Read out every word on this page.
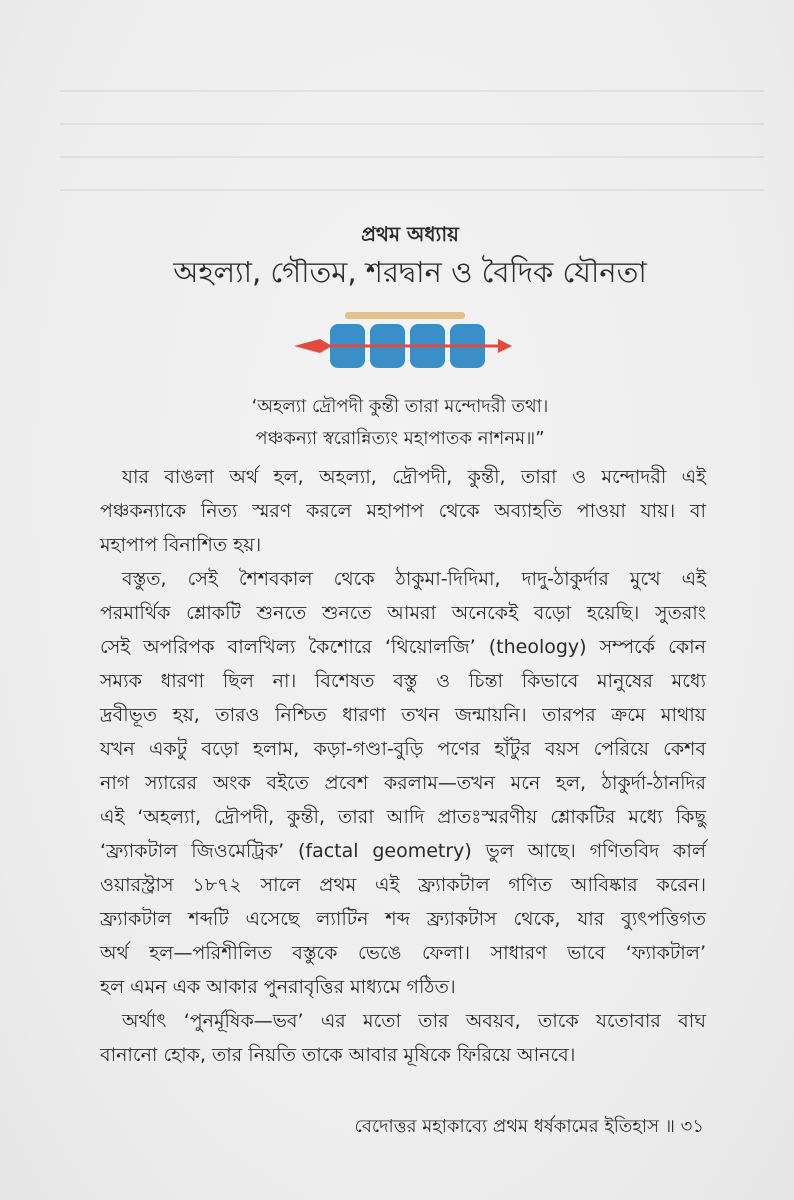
প্রথম অধ্যায়
অহল্যা, গৌতম, শরদ্বান ও বৈদিক যৌনতা
‘অহল্যা দ্রৌপদী কুন্তী তারা মন্দোদরী তথা।
পঞ্চকন্যা স্বরোন্নিত্যং মহাপাতক নাশনম॥”
যার বাঙলা অর্থ হল, অহল্যা, দ্রৌপদী, কুন্তী, তারা ও মন্দোদরী এই
পঞ্চকন্যাকে নিত্য স্মরণ করলে মহাপাপ থেকে অব্যাহতি পাওয়া যায়। বা
মহাপাপ বিনাশিত হয়।
বস্তুত, সেই শৈশবকাল থেকে ঠাকুমা-দিদিমা, দাদু-ঠাকুর্দার মুখে এই
পরমার্থিক শ্লোকটি শুনতে শুনতে আমরা অনেকেই বড়ো হয়েছি। সুতরাং
সেই অপরিপক বালখিল্য কৈশোরে ‘থিয়োলজি’ (theology) সম্পর্কে কোন
সম্যক ধারণা ছিল না। বিশেষত বস্তু ও চিন্তা কিভাবে মানুষের মধ্যে
দ্রবীভূত হয়, তারও নিশ্চিত ধারণা তখন জন্মায়নি। তারপর ক্রমে মাথায়
যখন একটু বড়ো হলাম, কড়া-গণ্ডা-বুড়ি পণের হাঁটুর বয়স পেরিয়ে কেশব
নাগ স্যারের অংক বইতে প্রবেশ করলাম—তখন মনে হল, ঠাকুর্দা-ঠানদির
এই ‘অহল্যা, দ্রৌপদী, কুন্তী, তারা আদি প্রাতঃস্মরণীয় শ্লোকটির মধ্যে কিছু
‘ফ্র্যাকটাল জিওমেট্রিক’ (factal geometry) ভুল আছে। গণিতবিদ কার্ল
ওয়ারস্ট্রাস ১৮৭২ সালে প্রথম এই ফ্র্যাকটাল গণিত আবিষ্কার করেন।
ফ্র্যাকটাল শব্দটি এসেছে ল্যাটিন শব্দ ফ্র্যাকটাস থেকে, যার ব্যুৎপত্তিগত
অর্থ হল—পরিশীলিত বস্তুকে ভেঙে ফেলা। সাধারণ ভাবে ‘ফ্যাকটাল’
হল এমন এক আকার পুনরাবৃত্তির মাধ্যমে গঠিত।
অর্থাৎ ‘পুনর্মূষিক—ভব’ এর মতো তার অবয়ব, তাকে যতোবার বাঘ
বানানো হোক, তার নিয়তি তাকে আবার মূষিকে ফিরিয়ে আনবে।
বেদোত্তর মহাকাব্যে প্রথম ধর্ষকামের ইতিহাস ॥ ৩১
